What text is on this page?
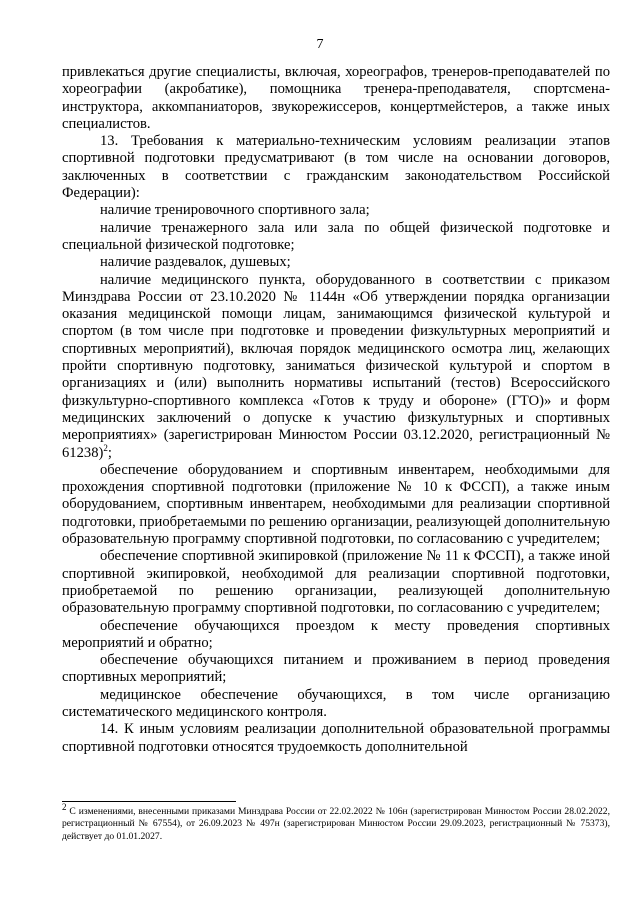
7

привлекаться другие специалисты, включая, хореографов, тренеров-преподавателей по хореографии (акробатике), помощника тренера-преподавателя, спортсмена-инструктора, аккомпаниаторов, звукорежиссеров, концертмейстеров, а также иных специалистов.

13. Требования к материально-техническим условиям реализации этапов спортивной подготовки предусматривают (в том числе на основании договоров, заключенных в соответствии с гражданским законодательством Российской Федерации):

наличие тренировочного спортивного зала;

наличие тренажерного зала или зала по общей физической подготовке и специальной физической подготовке;

наличие раздевалок, душевых;

наличие медицинского пункта, оборудованного в соответствии с приказом Минздрава России от 23.10.2020 № 1144н «Об утверждении порядка организации оказания медицинской помощи лицам, занимающимся физической культурой и спортом (в том числе при подготовке и проведении физкультурных мероприятий и спортивных мероприятий), включая порядок медицинского осмотра лиц, желающих пройти спортивную подготовку, заниматься физической культурой и спортом в организациях и (или) выполнить нормативы испытаний (тестов) Всероссийского физкультурно-спортивного комплекса «Готов к труду и обороне» (ГТО)» и форм медицинских заключений о допуске к участию физкультурных и спортивных мероприятиях» (зарегистрирован Минюстом России 03.12.2020, регистрационный № 61238)$^2$;

обеспечение оборудованием и спортивным инвентарем, необходимыми для прохождения спортивной подготовки (приложение № 10 к ФССП), а также иным оборудованием, спортивным инвентарем, необходимыми для реализации спортивной подготовки, приобретаемыми по решению организации, реализующей дополнительную образовательную программу спортивной подготовки, по согласованию с учредителем;

обеспечение спортивной экипировкой (приложение № 11 к ФССП), а также иной спортивной экипировкой, необходимой для реализации спортивной подготовки, приобретаемой по решению организации, реализующей дополнительную образовательную программу спортивной подготовки, по согласованию с учредителем;

обеспечение обучающихся проездом к месту проведения спортивных мероприятий и обратно;

обеспечение обучающихся питанием и проживанием в период проведения спортивных мероприятий;

медицинское обеспечение обучающихся, в том числе организацию систематического медицинского контроля.

14. К иным условиям реализации дополнительной образовательной программы спортивной подготовки относятся трудоемкость дополнительной

$^2$ С изменениями, внесенными приказами Минздрава России от 22.02.2022 № 106н (зарегистрирован Минюстом России 28.02.2022, регистрационный № 67554), от 26.09.2023 № 497н (зарегистрирован Минюстом России 29.09.2023, регистрационный № 75373), действует до 01.01.2027.
